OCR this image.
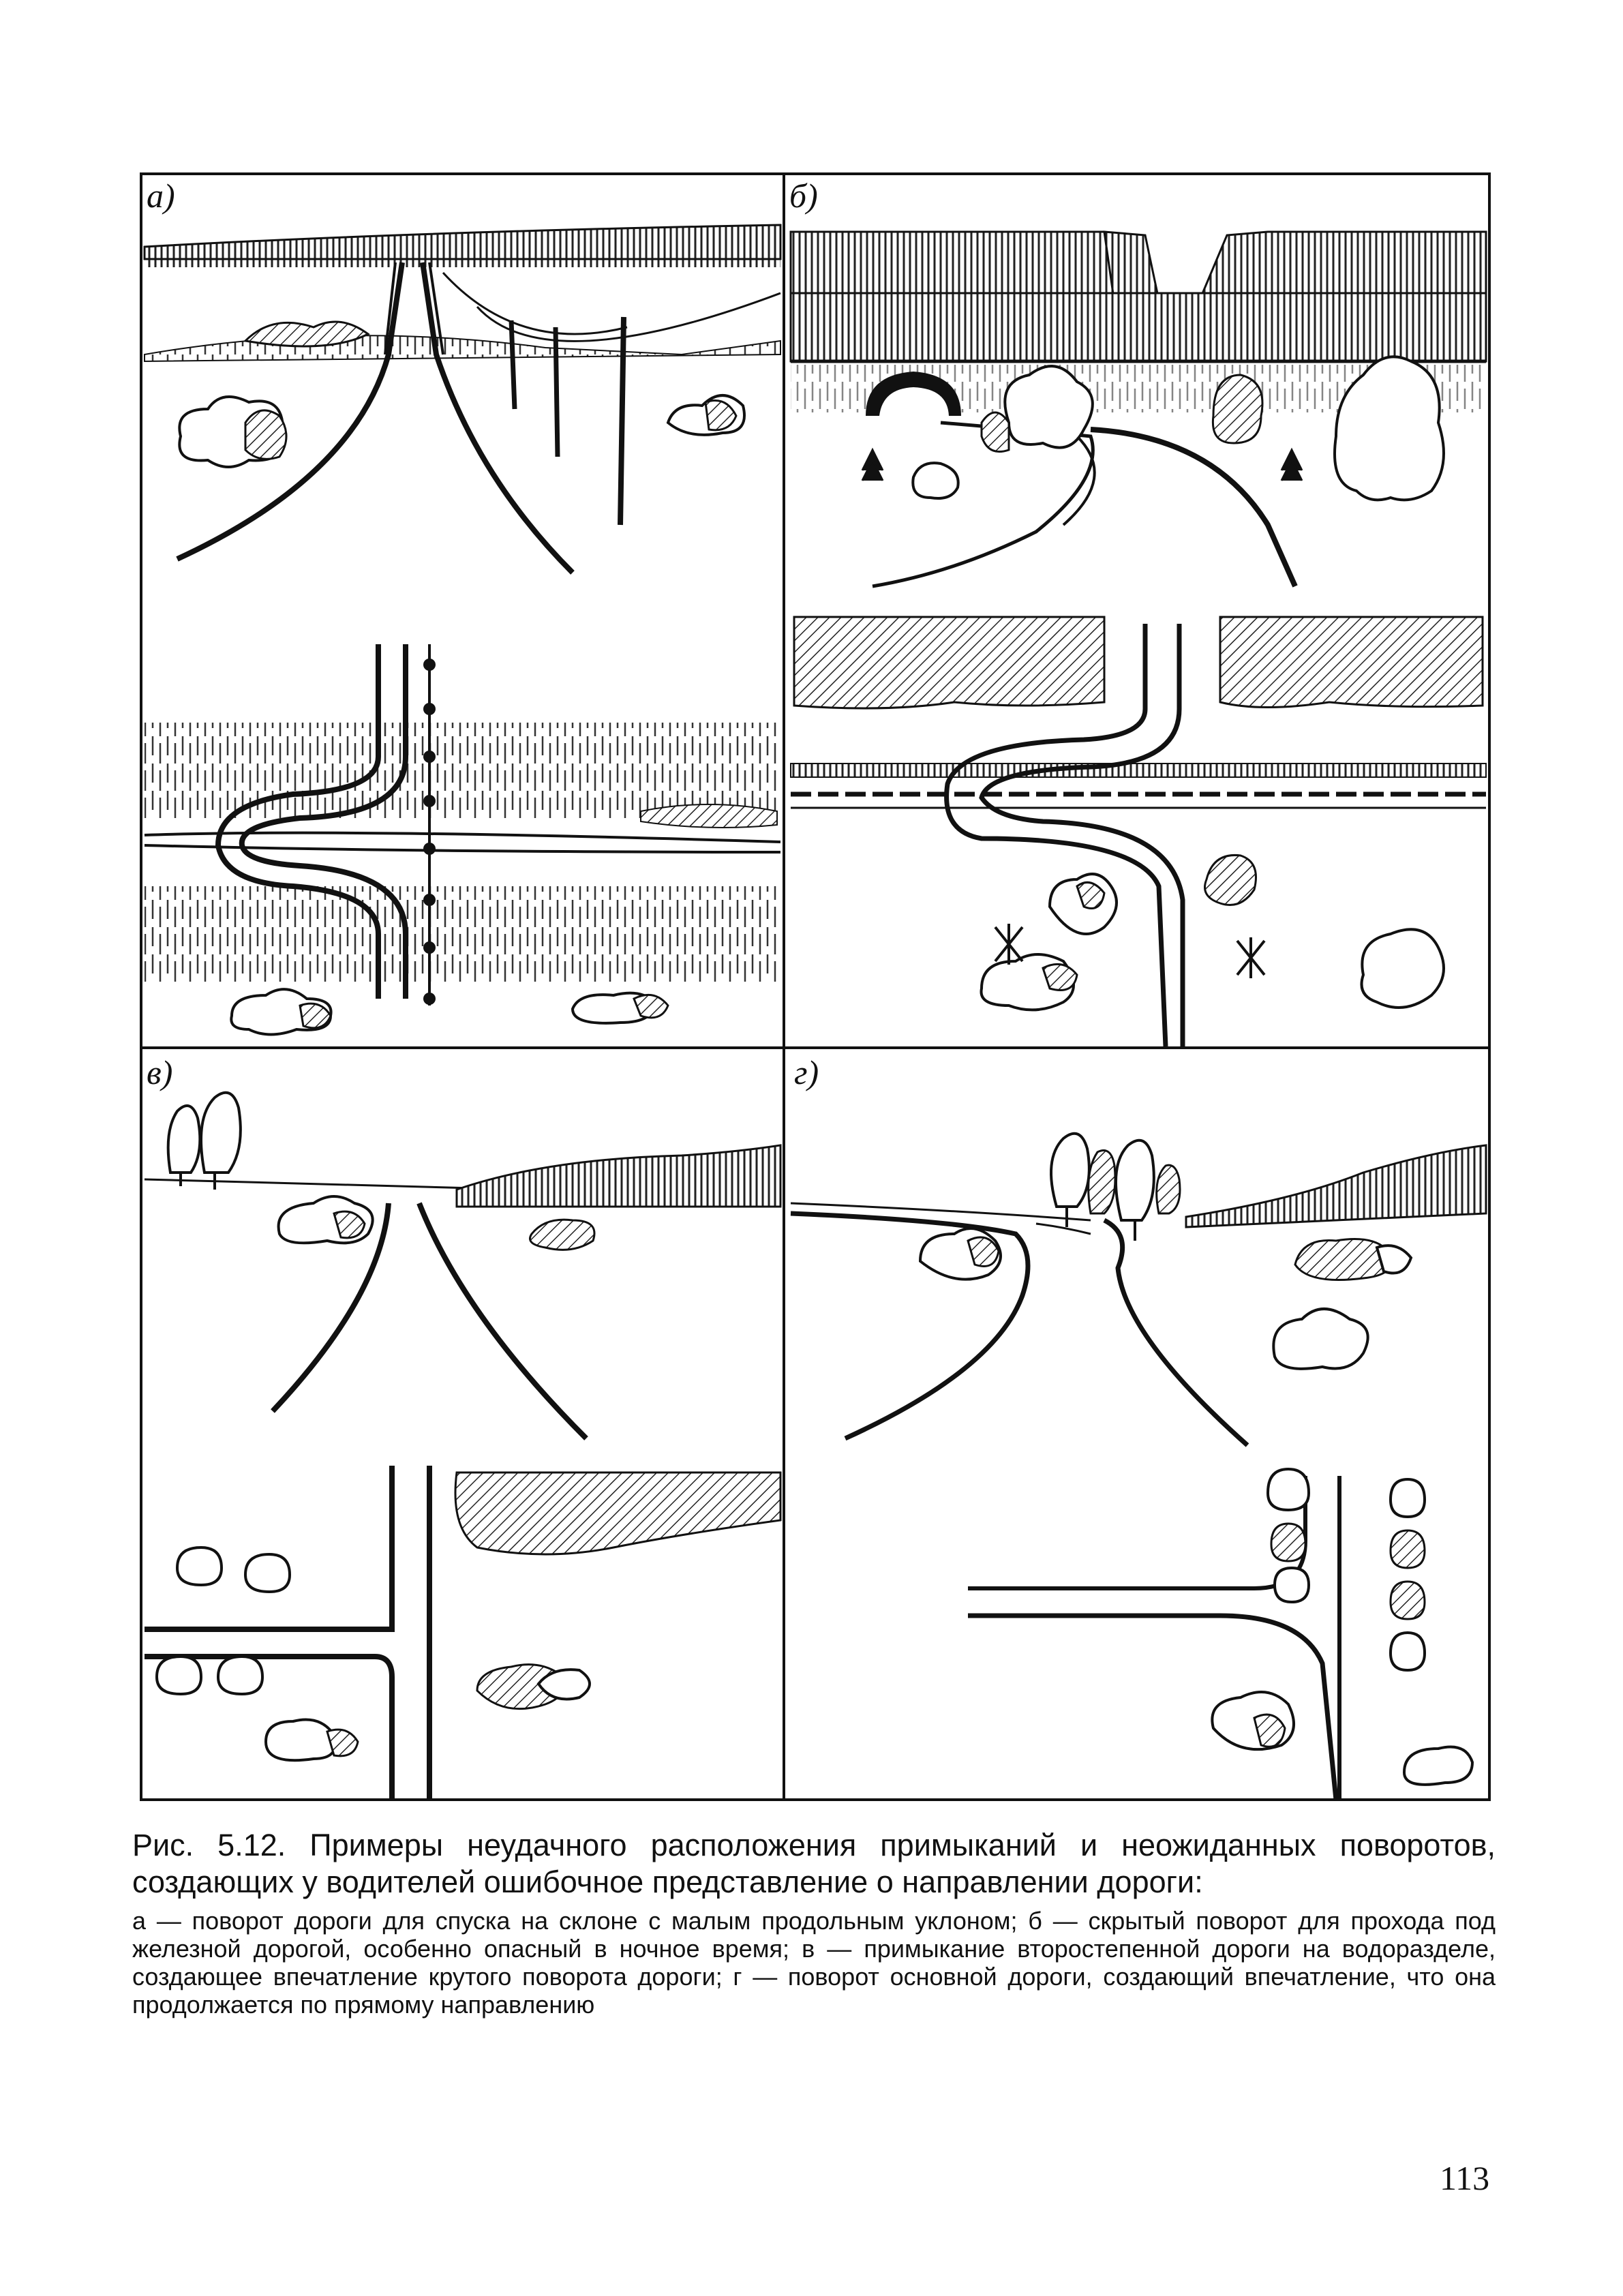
a)	б)
в)	г)

Рис. 5.12. Примеры неудачного расположения примыканий и неожиданных поворотов, создающих у водителей ошибочное представление о направлении дороги:

а — поворот дороги для спуска на склоне с малым продольным уклоном; б — скрытый поворот для прохода под железной дорогой, особенно опасный в ночное время; в — примыкание второстепенной дороги на водоразделе, создающее впечатление крутого поворота дороги; г — поворот основной дороги, создающий впечатление, что она продолжается по прямому направлению

113
